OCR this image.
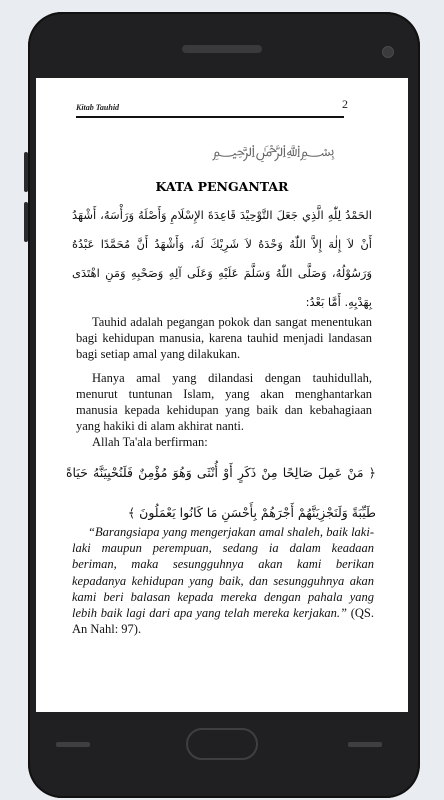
Kitab Tauhid	2
﷽
KATA PENGANTAR
الحَمْدُ لِلّٰهِ الَّذِي جَعَلَ التَّوْحِيْدَ قَاعِدَةَ الإِسْلَامِ وَأَصْلَهُ وَرَأْسَهُ، أَشْهَدُ أَنْ لاَ إِلٰهَ إِلاَّ اللّٰهُ وَحْدَهُ لاَ شَرِيْكَ لَهُ، وَأَشْهَدُ أَنَّ مُحَمَّدًا عَبْدُهُ وَرَسُوْلُهُ، وَصَلَّى اللّٰهُ وَسَلَّمَ عَلَيْهِ وَعَلَى آلِهِ وَصَحْبِهِ وَمَنِ اهْتَدَى بِهَدْيِهِ. أَمَّا بَعْدُ:
Tauhid adalah pegangan pokok dan sangat menentukan bagi kehidupan manusia, karena tauhid menjadi landasan bagi setiap amal yang dilakukan.
Hanya amal yang dilandasi dengan tauhidullah, menurut tuntunan Islam, yang akan menghantarkan manusia kepada kehidupan yang baik dan kebahagiaan yang hakiki di alam akhirat nanti.
Allah Ta'ala berfirman:
﴿ مَنْ عَمِلَ صَالِحًا مِنْ ذَكَرٍ أَوْ أُنْثَى وَهُوَ مُؤْمِنٌ فَلَنُحْيِيَنَّهُ حَيَاةً طَيِّبَةً وَلَنَجْزِيَنَّهُمْ أَجْرَهُمْ بِأَحْسَنِ مَا كَانُوا يَعْمَلُونَ ﴾
“Barangsiapa yang mengerjakan amal shaleh, baik laki-laki maupun perempuan, sedang ia dalam keadaan beriman, maka sesungguhnya akan kami berikan kepadanya kehidupan yang baik, dan sesungguhnya akan kami beri balasan kepada mereka dengan pahala yang lebih baik lagi dari apa yang telah mereka kerjakan.” (QS. An Nahl: 97).
